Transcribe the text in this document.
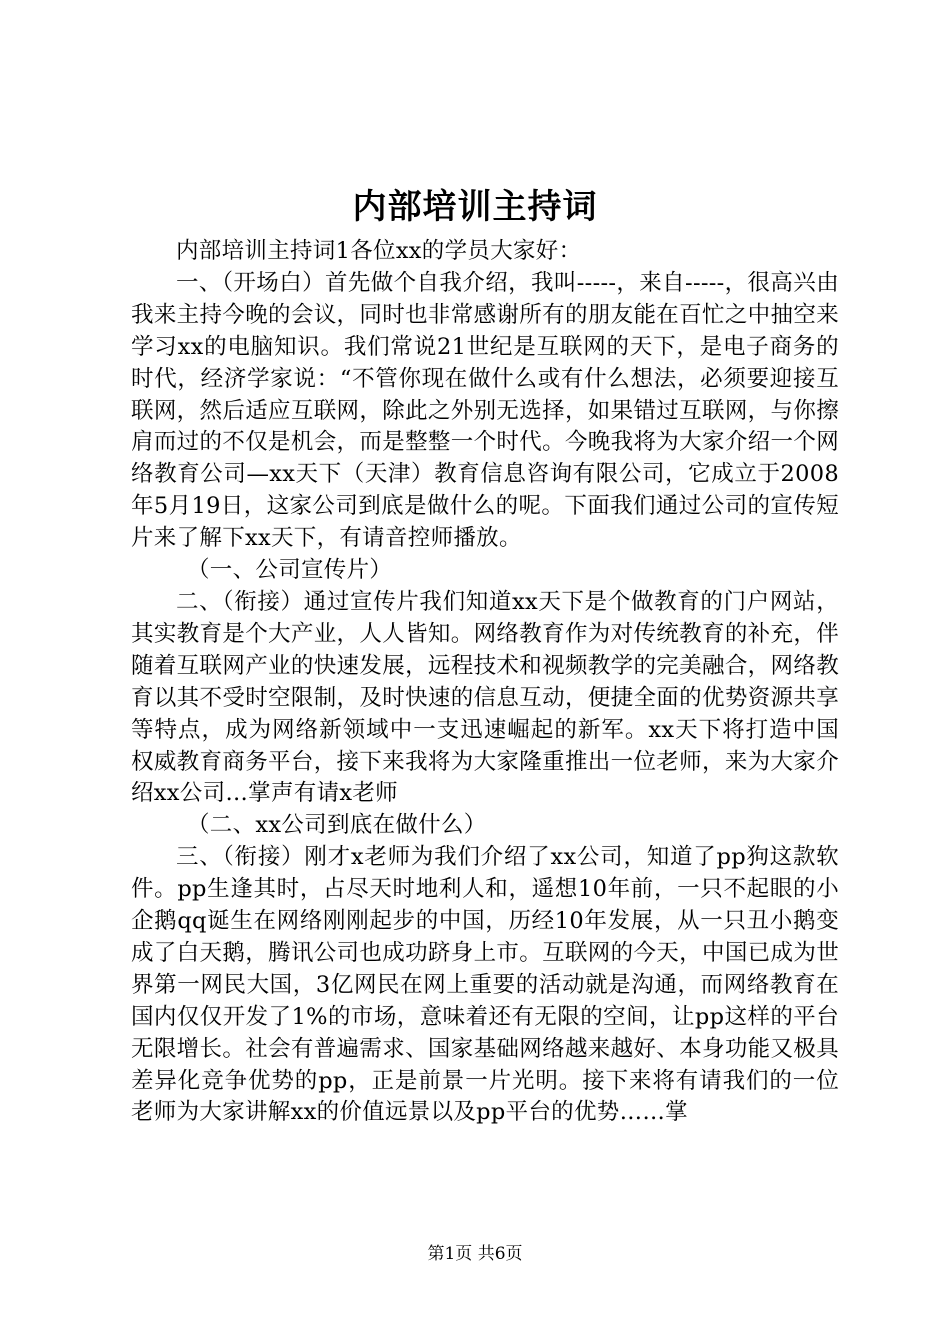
内部培训主持词

内部培训主持词1各位xx的学员大家好：

一、（开场白）首先做个自我介绍，我叫-----，来自-----，很高兴由我来主持今晚的会议，同时也非常感谢所有的朋友能在百忙之中抽空来学习xx的电脑知识。我们常说21世纪是互联网的天下，是电子商务的时代，经济学家说：“不管你现在做什么或有什么想法，必须要迎接互联网，然后适应互联网，除此之外别无选择，如果错过互联网，与你擦肩而过的不仅是机会，而是整整一个时代。今晚我将为大家介绍一个网络教育公司—xx天下（天津）教育信息咨询有限公司，它成立于2008年5月19日，这家公司到底是做什么的呢。下面我们通过公司的宣传短片来了解下xx天下，有请音控师播放。

（一、公司宣传片）

二、（衔接）通过宣传片我们知道xx天下是个做教育的门户网站，其实教育是个大产业，人人皆知。网络教育作为对传统教育的补充，伴随着互联网产业的快速发展，远程技术和视频教学的完美融合，网络教育以其不受时空限制，及时快速的信息互动，便捷全面的优势资源共享等特点，成为网络新领域中一支迅速崛起的新军。xx天下将打造中国权威教育商务平台，接下来我将为大家隆重推出一位老师，来为大家介绍xx公司…掌声有请x老师

（二、xx公司到底在做什么）

三、（衔接）刚才x老师为我们介绍了xx公司，知道了pp狗这款软件。pp生逢其时，占尽天时地利人和，遥想10年前，一只不起眼的小企鹅qq诞生在网络刚刚起步的中国，历经10年发展，从一只丑小鹅变成了白天鹅，腾讯公司也成功跻身上市。互联网的今天，中国已成为世界第一网民大国，3亿网民在网上重要的活动就是沟通，而网络教育在国内仅仅开发了1%的市场，意味着还有无限的空间，让pp这样的平台无限增长。社会有普遍需求、国家基础网络越来越好、本身功能又极具差异化竞争优势的pp，正是前景一片光明。接下来将有请我们的一位老师为大家讲解xx的价值远景以及pp平台的优势……掌

第1页 共6页
